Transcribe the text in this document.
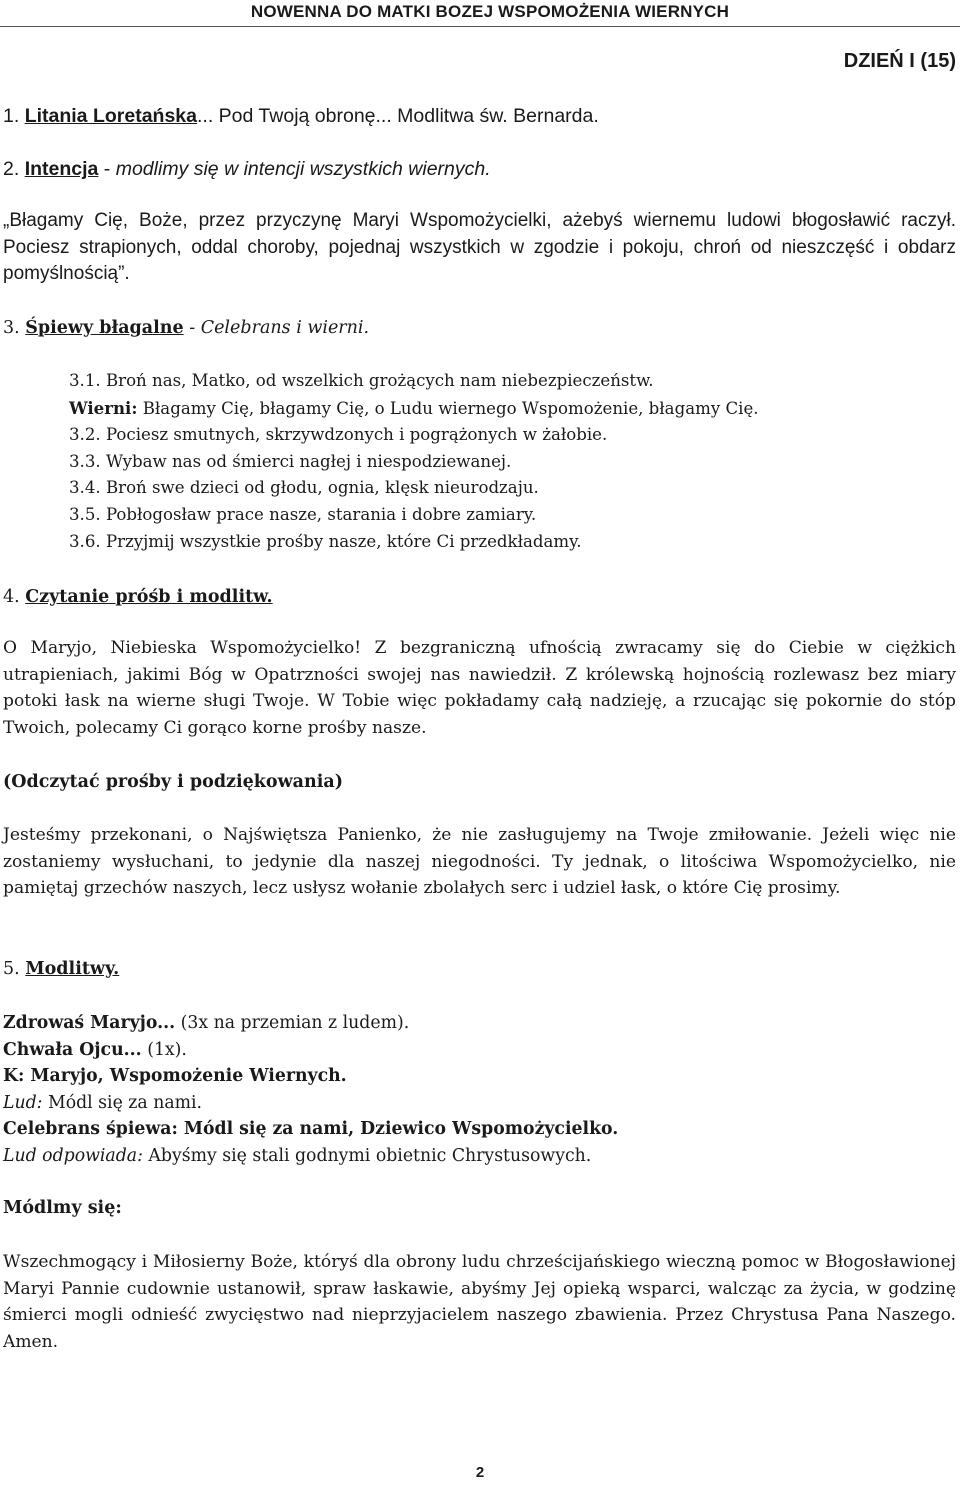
NOWENNA DO MATKI BOZEJ WSPOMOŻENIA WIERNYCH
DZIEŃ I (15)

1. Litania Loretańska... Pod Twoją obronę... Modlitwa św. Bernarda.

2. Intencja - modlimy się w intencji wszystkich wiernych.

„Błagamy Cię, Boże, przez przyczynę Maryi Wspomożycielki, ażebyś wiernemu ludowi błogosławić raczył. Pociesz strapionych, oddal choroby, pojednaj wszystkich w zgodzie i pokoju, chroń od nieszczęść i obdarz pomyślnością”.

3. Śpiewy błagalne - Celebrans i wierni.

3.1. Broń nas, Matko, od wszelkich grożących nam niebezpieczeństw.
Wierni: Błagamy Cię, błagamy Cię, o Ludu wiernego Wspomożenie, błagamy Cię.
3.2. Pociesz smutnych, skrzywdzonych i pogrążonych w żałobie.
3.3. Wybaw nas od śmierci nagłej i niespodziewanej.
3.4. Broń swe dzieci od głodu, ognia, klęsk nieurodzaju.
3.5. Pobłogosław prace nasze, starania i dobre zamiary.
3.6. Przyjmij wszystkie prośby nasze, które Ci przedkładamy.

4. Czytanie próśb i modlitw.

O Maryjo, Niebieska Wspomożycielko! Z bezgraniczną ufnością zwracamy się do Ciebie w ciężkich utrapieniach, jakimi Bóg w Opatrzności swojej nas nawiedził. Z królewską hojnością rozlewasz bez miary potoki łask na wierne sługi Twoje. W Tobie więc pokładamy całą nadzieję, a rzucając się pokornie do stóp Twoich, polecamy Ci gorąco korne prośby nasze.

(Odczytać prośby i podziękowania)

Jesteśmy przekonani, o Najświętsza Panienko, że nie zasługujemy na Twoje zmiłowanie. Jeżeli więc nie zostaniemy wysłuchani, to jedynie dla naszej niegodności. Ty jednak, o litościwa Wspomożycielko, nie pamiętaj grzechów naszych, lecz usłysz wołanie zbolałych serc i udziel łask, o które Cię prosimy.

5. Modlitwy.

Zdrowaś Maryjo... (3x na przemian z ludem).
Chwała Ojcu... (1x).
K: Maryjo, Wspomożenie Wiernych.
Lud: Módl się za nami.
Celebrans śpiewa: Módl się za nami, Dziewico Wspomożycielko.
Lud odpowiada: Abyśmy się stali godnymi obietnic Chrystusowych.

Módlmy się:

Wszechmogący i Miłosierny Boże, któryś dla obrony ludu chrześcijańskiego wieczną pomoc w Błogosławionej Maryi Pannie cudownie ustanowił, spraw łaskawie, abyśmy Jej opieką wsparci, walcząc za życia, w godzinę śmierci mogli odnieść zwycięstwo nad nieprzyjacielem naszego zbawienia. Przez Chrystusa Pana Naszego. Amen.

2
